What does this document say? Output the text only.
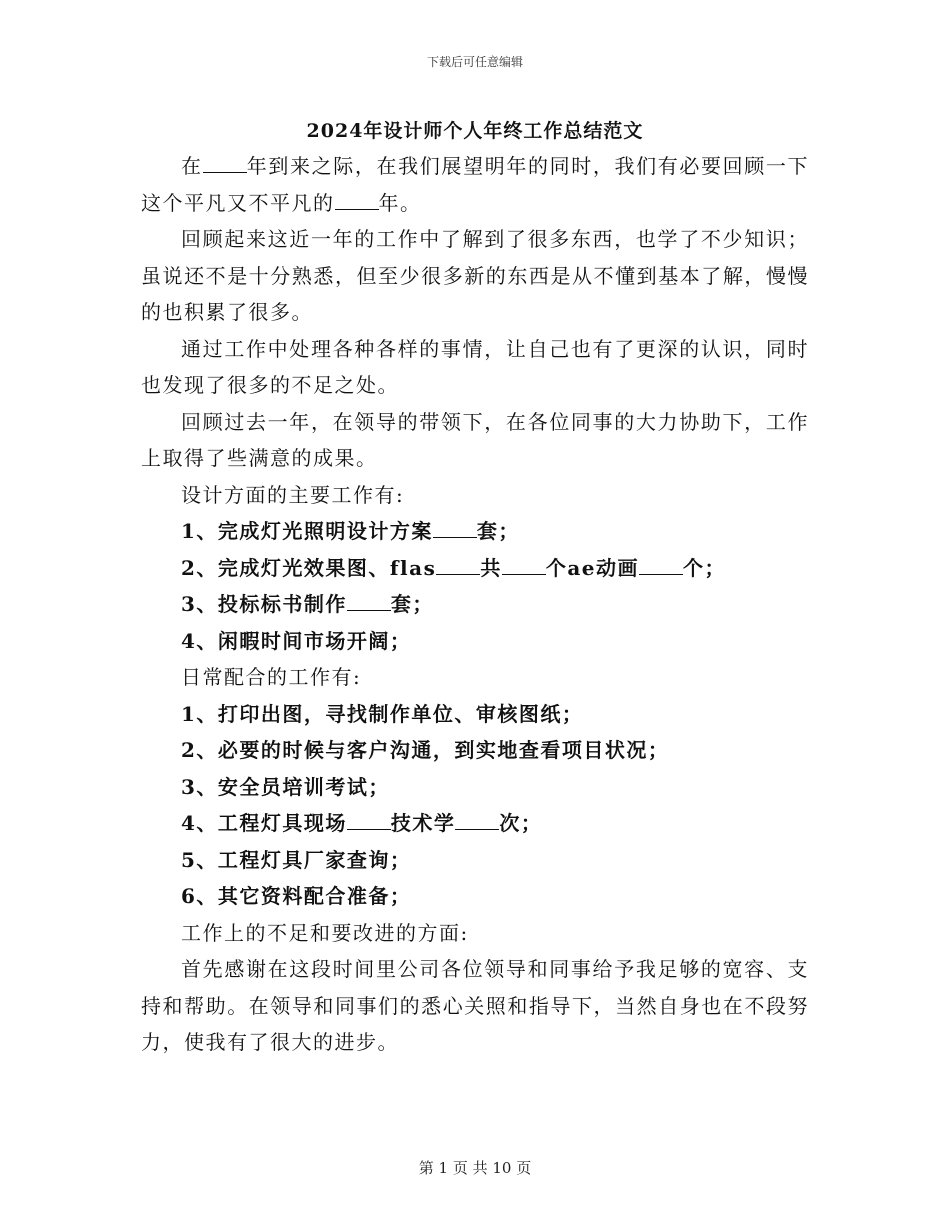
下载后可任意编辑
2024年设计师个人年终工作总结范文

在 年到来之际，在我们展望明年的同时，我们有必要回顾一下这个平凡又不平凡的 年。

回顾起来这近一年的工作中了解到了很多东西，也学了不少知识；虽说还不是十分熟悉，但至少很多新的东西是从不懂到基本了解，慢慢的也积累了很多。

通过工作中处理各种各样的事情，让自己也有了更深的认识，同时也发现了很多的不足之处。

回顾过去一年，在领导的带领下，在各位同事的大力协助下，工作上取得了些满意的成果。

设计方面的主要工作有:

1、完成灯光照明设计方案 套；

2、完成灯光效果图、flas 共 个ae动画 个；

3、投标标书制作 套；

4、闲暇时间市场开阔；

日常配合的工作有:

1、打印出图，寻找制作单位、审核图纸；

2、必要的时候与客户沟通，到实地查看项目状况；

3、安全员培训考试；

4、工程灯具现场 技术学 次；

5、工程灯具厂家查询；

6、其它资料配合准备；

工作上的不足和要改进的方面:

首先感谢在这段时间里公司各位领导和同事给予我足够的宽容、支持和帮助。在领导和同事们的悉心关照和指导下，当然自身也在不段努力，使我有了很大的进步。

第 1 页 共 10 页
